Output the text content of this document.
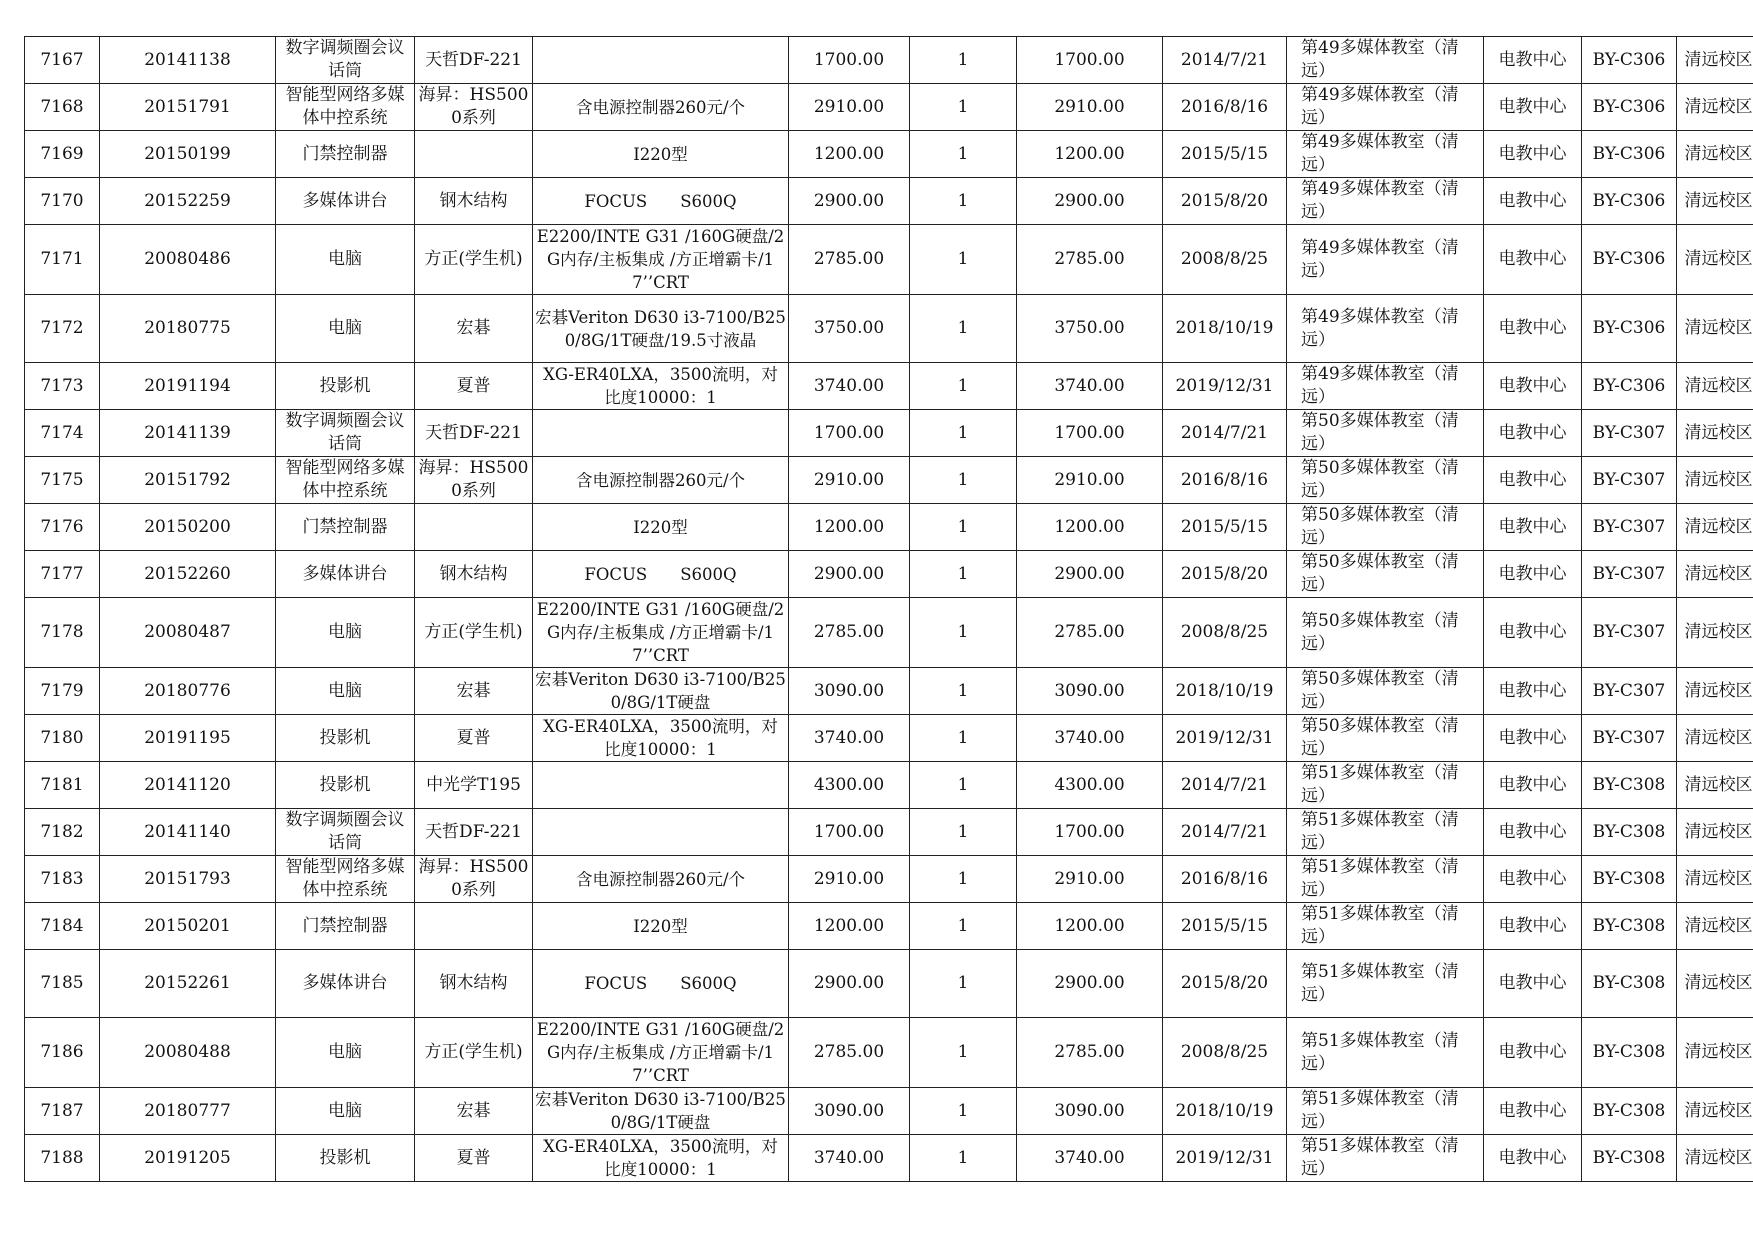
7167	20141138	数字调频圈会议话筒	天哲DF-221		1700.00	1	1700.00	2014/7/21	第49多媒体教室（清远）	电教中心	BY-C306	清远校区
7168	20151791	智能型网络多媒体中控系统	海昇：HS5000系列	含电源控制器260元/个	2910.00	1	2910.00	2016/8/16	第49多媒体教室（清远）	电教中心	BY-C306	清远校区
7169	20150199	门禁控制器		I220型	1200.00	1	1200.00	2015/5/15	第49多媒体教室（清远）	电教中心	BY-C306	清远校区
7170	20152259	多媒体讲台	钢木结构	FOCUS　　S600Q	2900.00	1	2900.00	2015/8/20	第49多媒体教室（清远）	电教中心	BY-C306	清远校区
7171	20080486	电脑	方正(学生机)	E2200/INTE G31 /160G硬盘/2G内存/主板集成 /方正增霸卡/17’’CRT	2785.00	1	2785.00	2008/8/25	第49多媒体教室（清远）	电教中心	BY-C306	清远校区
7172	20180775	电脑	宏碁	宏碁Veriton D630 i3-7100/B250/8G/1T硬盘/19.5寸液晶	3750.00	1	3750.00	2018/10/19	第49多媒体教室（清远）	电教中心	BY-C306	清远校区
7173	20191194	投影机	夏普	XG-ER40LXA，3500流明，对比度10000：1	3740.00	1	3740.00	2019/12/31	第49多媒体教室（清远）	电教中心	BY-C306	清远校区
7174	20141139	数字调频圈会议话筒	天哲DF-221		1700.00	1	1700.00	2014/7/21	第50多媒体教室（清远）	电教中心	BY-C307	清远校区
7175	20151792	智能型网络多媒体中控系统	海昇：HS5000系列	含电源控制器260元/个	2910.00	1	2910.00	2016/8/16	第50多媒体教室（清远）	电教中心	BY-C307	清远校区
7176	20150200	门禁控制器		I220型	1200.00	1	1200.00	2015/5/15	第50多媒体教室（清远）	电教中心	BY-C307	清远校区
7177	20152260	多媒体讲台	钢木结构	FOCUS　　S600Q	2900.00	1	2900.00	2015/8/20	第50多媒体教室（清远）	电教中心	BY-C307	清远校区
7178	20080487	电脑	方正(学生机)	E2200/INTE G31 /160G硬盘/2G内存/主板集成 /方正增霸卡/17’’CRT	2785.00	1	2785.00	2008/8/25	第50多媒体教室（清远）	电教中心	BY-C307	清远校区
7179	20180776	电脑	宏碁	宏碁Veriton D630 i3-7100/B250/8G/1T硬盘	3090.00	1	3090.00	2018/10/19	第50多媒体教室（清远）	电教中心	BY-C307	清远校区
7180	20191195	投影机	夏普	XG-ER40LXA，3500流明，对比度10000：1	3740.00	1	3740.00	2019/12/31	第50多媒体教室（清远）	电教中心	BY-C307	清远校区
7181	20141120	投影机	中光学T195		4300.00	1	4300.00	2014/7/21	第51多媒体教室（清远）	电教中心	BY-C308	清远校区
7182	20141140	数字调频圈会议话筒	天哲DF-221		1700.00	1	1700.00	2014/7/21	第51多媒体教室（清远）	电教中心	BY-C308	清远校区
7183	20151793	智能型网络多媒体中控系统	海昇：HS5000系列	含电源控制器260元/个	2910.00	1	2910.00	2016/8/16	第51多媒体教室（清远）	电教中心	BY-C308	清远校区
7184	20150201	门禁控制器		I220型	1200.00	1	1200.00	2015/5/15	第51多媒体教室（清远）	电教中心	BY-C308	清远校区
7185	20152261	多媒体讲台	钢木结构	FOCUS　　S600Q	2900.00	1	2900.00	2015/8/20	第51多媒体教室（清远）	电教中心	BY-C308	清远校区
7186	20080488	电脑	方正(学生机)	E2200/INTE G31 /160G硬盘/2G内存/主板集成 /方正增霸卡/17’’CRT	2785.00	1	2785.00	2008/8/25	第51多媒体教室（清远）	电教中心	BY-C308	清远校区
7187	20180777	电脑	宏碁	宏碁Veriton D630 i3-7100/B250/8G/1T硬盘	3090.00	1	3090.00	2018/10/19	第51多媒体教室（清远）	电教中心	BY-C308	清远校区
7188	20191205	投影机	夏普	XG-ER40LXA，3500流明，对比度10000：1	3740.00	1	3740.00	2019/12/31	第51多媒体教室（清远）	电教中心	BY-C308	清远校区
